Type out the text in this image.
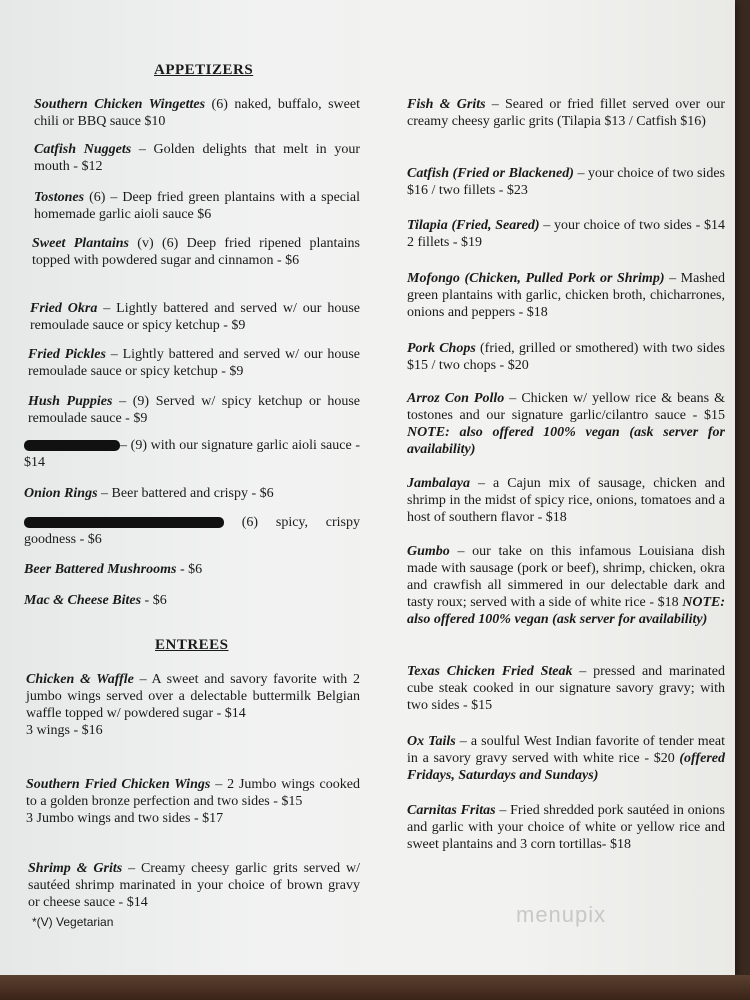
APPETIZERS
Southern Chicken Wingettes (6) naked, buffalo, sweet chili or BBQ sauce $10
Catfish Nuggets – Golden delights that melt in your mouth - $12
Tostones (6) – Deep fried green plantains with a special homemade garlic aioli sauce $6
Sweet Plantains (v) (6) Deep fried ripened plantains topped with powdered sugar and cinnamon - $6
Fried Okra – Lightly battered and served w/ our house remoulade sauce or spicy ketchup - $9
Fried Pickles – Lightly battered and served w/ our house remoulade sauce or spicy ketchup - $9
Hush Puppies – (9) Served w/ spicy ketchup or house remoulade sauce - $9
– (9) with our signature garlic aioli sauce - $14
Onion Rings – Beer battered and crispy - $6
(6) spicy, crispy goodness - $6
Beer Battered Mushrooms - $6
Mac & Cheese Bites - $6
ENTREES
Chicken & Waffle – A sweet and savory favorite with 2 jumbo wings served over a delectable buttermilk Belgian waffle topped w/ powdered sugar - $14
3 wings - $16
Southern Fried Chicken Wings – 2 Jumbo wings cooked to a golden bronze perfection and two sides - $15
3 Jumbo wings and two sides - $17
Shrimp & Grits – Creamy cheesy garlic grits served w/ sautéed shrimp marinated in your choice of brown gravy or cheese sauce - $14
*(V) Vegetarian
Fish & Grits – Seared or fried fillet served over our creamy cheesy garlic grits (Tilapia $13 / Catfish $16)
Catfish (Fried or Blackened) – your choice of two sides $16 / two fillets - $23
Tilapia (Fried, Seared) – your choice of two sides - $14 2 fillets - $19
Mofongo (Chicken, Pulled Pork or Shrimp) – Mashed green plantains with garlic, chicken broth, chicharrones, onions and peppers - $18
Pork Chops (fried, grilled or smothered) with two sides $15 / two chops - $20
Arroz Con Pollo – Chicken w/ yellow rice & beans & tostones and our signature garlic/cilantro sauce - $15 NOTE: also offered 100% vegan (ask server for availability)
Jambalaya – a Cajun mix of sausage, chicken and shrimp in the midst of spicy rice, onions, tomatoes and a host of southern flavor - $18
Gumbo – our take on this infamous Louisiana dish made with sausage (pork or beef), shrimp, chicken, okra and crawfish all simmered in our delectable dark and tasty roux; served with a side of white rice - $18 NOTE: also offered 100% vegan (ask server for availability)
Texas Chicken Fried Steak – pressed and marinated cube steak cooked in our signature savory gravy; with two sides - $15
Ox Tails – a soulful West Indian favorite of tender meat in a savory gravy served with white rice - $20 (offered Fridays, Saturdays and Sundays)
Carnitas Fritas – Fried shredded pork sautéed in onions and garlic with your choice of white or yellow rice and sweet plantains and 3 corn tortillas- $18
menupix
